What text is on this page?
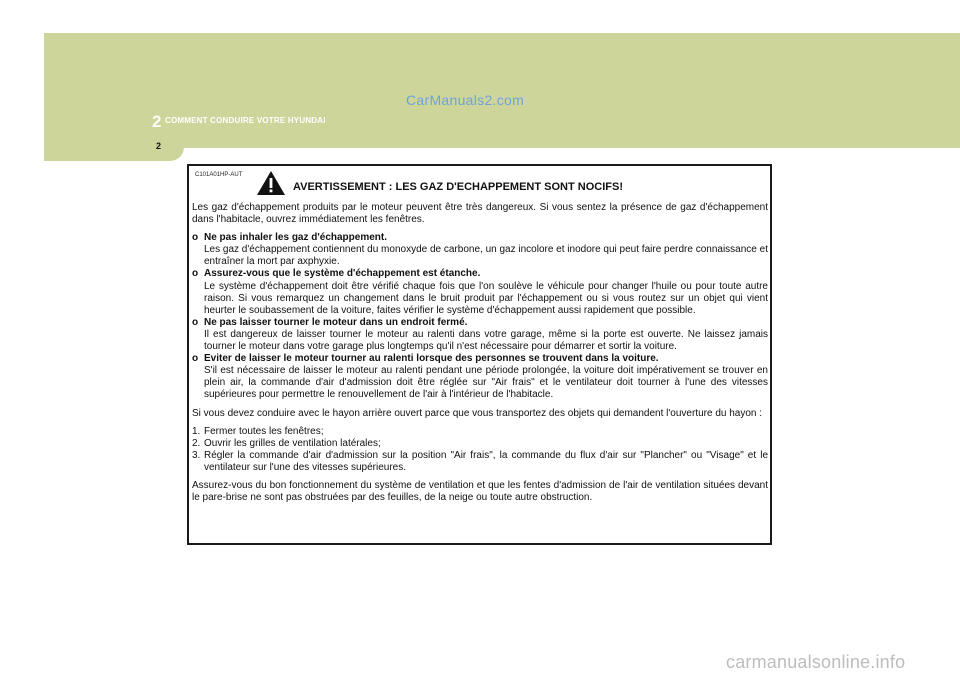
CarManuals2.com
2 COMMENT CONDUIRE VOTRE HYUNDAI
2
C101A01HP-AUT
AVERTISSEMENT : LES GAZ D'ECHAPPEMENT SONT NOCIFS!

Les gaz d'échappement produits par le moteur peuvent être très dangereux. Si vous sentez la présence de gaz d'échappement dans l'habitacle, ouvrez immédiatement les fenêtres.

o Ne pas inhaler les gaz d'échappement.
Les gaz d'échappement contiennent du monoxyde de carbone, un gaz incolore et inodore qui peut faire perdre connaissance et entraîner la mort par axphyxie.
o Assurez-vous que le système d'échappement est étanche.
Le système d'échappement doit être vérifié chaque fois que l'on soulève le véhicule pour changer l'huile ou pour toute autre raison. Si vous remarquez un changement dans le bruit produit par l'échappement ou si vous routez sur un objet qui vient heurter le soubassement de la voiture, faites vérifier le système d'échappement aussi rapidement que possible.
o Ne pas laisser tourner le moteur dans un endroit fermé.
Il est dangereux de laisser tourner le moteur au ralenti dans votre garage, même si la porte est ouverte. Ne laissez jamais tourner le moteur dans votre garage plus longtemps qu'il n'est nécessaire pour démarrer et sortir la voiture.
o Eviter de laisser le moteur tourner au ralenti lorsque des personnes se trouvent dans la voiture.
S'il est nécessaire de laisser le moteur au ralenti pendant une période prolongée, la voiture doit impérativement se trouver en plein air, la commande d'air d'admission doit être réglée sur "Air frais" et le ventilateur doit tourner à l'une des vitesses supérieures pour permettre le renouvellement de l'air à l'intérieur de l'habitacle.

Si vous devez conduire avec le hayon arrière ouvert parce que vous transportez des objets qui demandent l'ouverture du hayon :

1. Fermer toutes les fenêtres;
2. Ouvrir les grilles de ventilation latérales;
3. Régler la commande d'air d'admission sur la position "Air frais", la commande du flux d'air sur "Plancher" ou "Visage" et le ventilateur sur l'une des vitesses supérieures.

Assurez-vous du bon fonctionnement du système de ventilation et que les fentes d'admission de l'air de ventilation situées devant le pare-brise ne sont pas obstruées par des feuilles, de la neige ou toute autre obstruction.

carmanualsonline.info
